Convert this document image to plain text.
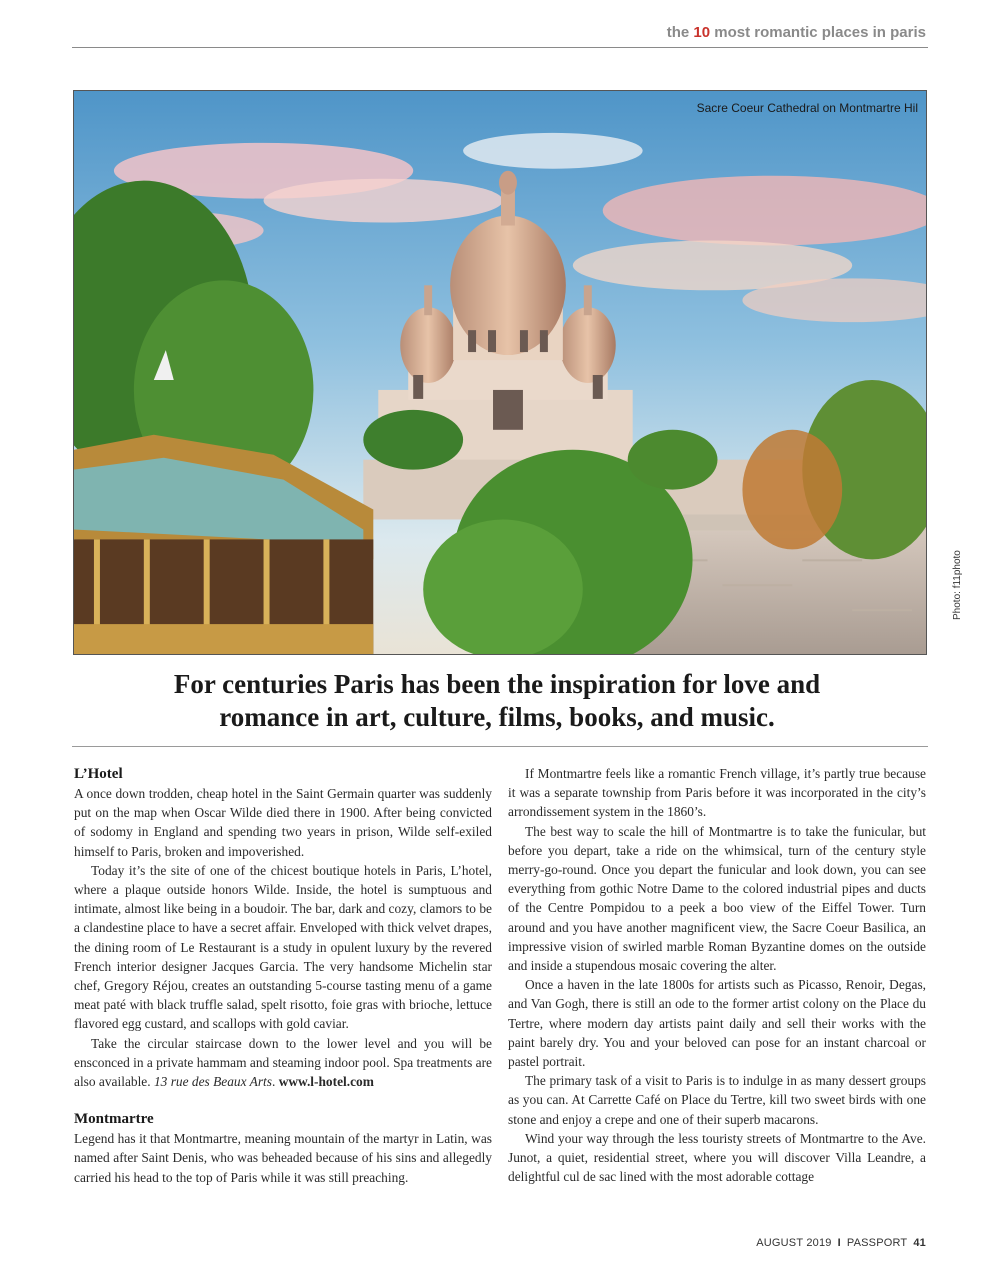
the 10 most romantic places in paris
Sacre Coeur Cathedral on Montmartre Hil
Photo: f11photo
For centuries Paris has been the inspiration for love and
romance in art, culture, films, books, and music.
L’Hotel

A once down trodden, cheap hotel in the Saint Germain quarter was suddenly put on the map when Oscar Wilde died there in 1900. After being convicted of sodomy in England and spending two years in prison, Wilde self-exiled himself to Paris, broken and impoverished.

Today it’s the site of one of the chicest boutique hotels in Paris, L’hotel, where a plaque outside honors Wilde. Inside, the hotel is sumptuous and intimate, almost like being in a boudoir. The bar, dark and cozy, clamors to be a clandestine place to have a secret affair. Enveloped with thick velvet drapes, the dining room of Le Restaurant is a study in opulent luxury by the revered French interior designer Jacques Garcia. The very handsome Michelin star chef, Gregory Réjou, creates an outstanding 5-course tasting menu of a game meat paté with black truffle salad, spelt risotto, foie gras with brioche, lettuce flavored egg custard, and scallops with gold caviar.

Take the circular staircase down to the lower level and you will be ensconced in a private hammam and steaming indoor pool. Spa treatments are also available. 13 rue des Beaux Arts. www.l-hotel.com

Montmartre

Legend has it that Montmartre, meaning mountain of the martyr in Latin, was named after Saint Denis, who was beheaded because of his sins and allegedly carried his head to the top of Paris while it was still preaching.

If Montmartre feels like a romantic French village, it’s partly true because it was a separate township from Paris before it was incorporated in the city’s arrondissement system in the 1860’s.

The best way to scale the hill of Montmartre is to take the funicular, but before you depart, take a ride on the whimsical, turn of the century style merry-go-round. Once you depart the funicular and look down, you can see everything from gothic Notre Dame to the colored industrial pipes and ducts of the Centre Pompidou to a peek a boo view of the Eiffel Tower. Turn around and you have another magnificent view, the Sacre Coeur Basilica, an impressive vision of swirled marble Roman Byzantine domes on the outside and inside a stupendous mosaic covering the alter.

Once a haven in the late 1800s for artists such as Picasso, Renoir, Degas, and Van Gogh, there is still an ode to the former artist colony on the Place du Tertre, where modern day artists paint daily and sell their works with the paint barely dry. You and your beloved can pose for an instant charcoal or pastel portrait.

The primary task of a visit to Paris is to indulge in as many dessert groups as you can. At Carrette Café on Place du Tertre, kill two sweet birds with one stone and enjoy a crepe and one of their superb macarons.

Wind your way through the less touristy streets of Montmartre to the Ave. Junot, a quiet, residential street, where you will discover Villa Leandre, a delightful cul de sac lined with the most adorable cottage

AUGUST 2019 I PASSPORT 41
